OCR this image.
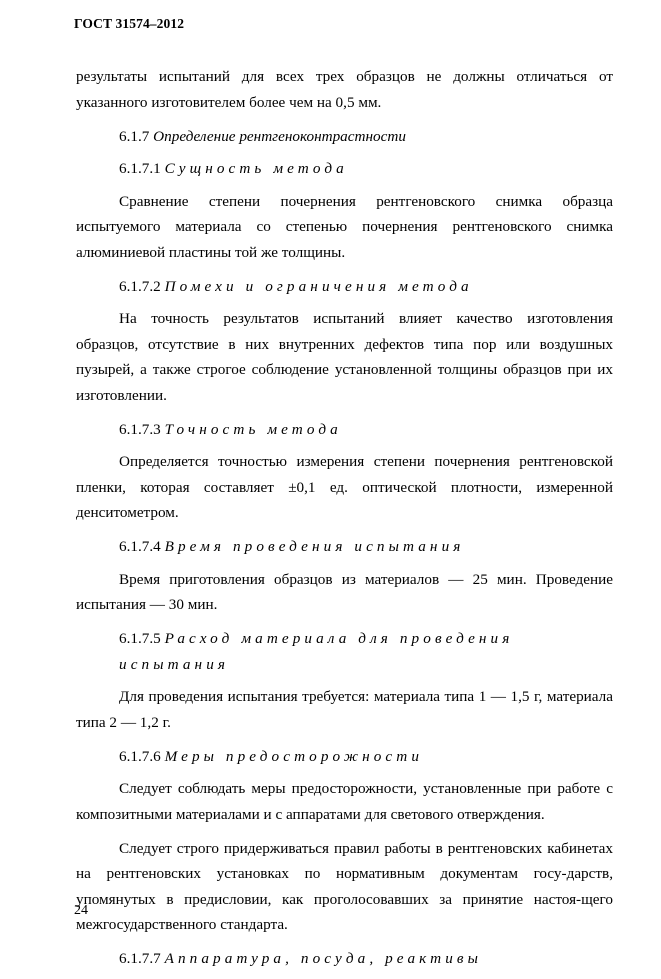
ГОСТ 31574–2012

результаты испытаний для всех трех образцов не должны отличаться от указанного изготовителем более чем на 0,5 мм.

6.1.7 Определение рентгеноконтрастности
6.1.7.1 Сущность метода

Сравнение степени почернения рентгеновского снимка образца испытуемого материала со степенью почернения рентгеновского снимка алюминиевой пластины той же толщины.

6.1.7.2 Помехи и ограничения метода

На точность результатов испытаний влияет качество изготовления образцов, отсутствие в них внутренних дефектов типа пор или воздушных пузырей, а также строгое соблюдение установленной толщины образцов при их изготовлении.

6.1.7.3 Точность метода

Определяется точностью измерения степени почернения рентгеновской пленки, которая составляет ±0,1 ед. оптической плотности, измеренной денситометром.

6.1.7.4 Время проведения испытания

Время приготовления образцов из материалов — 25 мин. Проведение испытания — 30 мин.

6.1.7.5 Расход материала для проведения испытания

Для проведения испытания требуется: материала типа 1 — 1,5 г, материала типа 2 — 1,2 г.

6.1.7.6 Меры предосторожности

Следует соблюдать меры предосторожности, установленные при работе с композитными материалами и с аппаратами для светового отверждения.

Следует строго придерживаться правил работы в рентгеновских кабинетах на рентгеновских установках по нормативным документам госу-дарств, упомянутых в предисловии, как проголосовавших за принятие настоя-щего межгосударственного стандарта.

6.1.7.7 Аппаратура, посуда, реактивы
24
